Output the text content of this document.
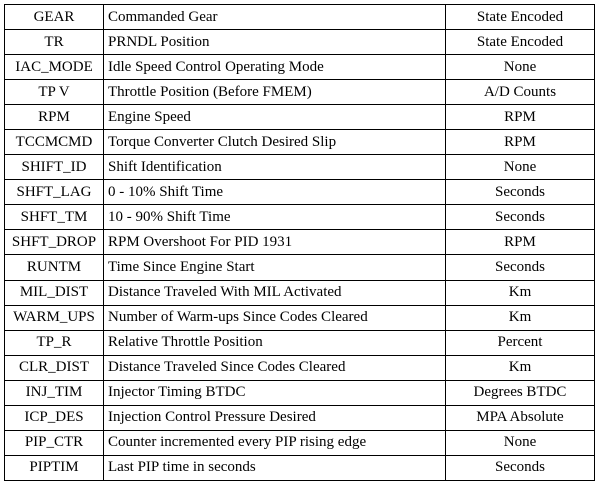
GEAR	Commanded Gear	State Encoded
TR	PRNDL Position	State Encoded
IAC_MODE	Idle Speed Control Operating Mode	None
TP V	Throttle Position (Before FMEM)	A/D Counts
RPM	Engine Speed	RPM
TCCMCMD	Torque Converter Clutch Desired Slip	RPM
SHIFT_ID	Shift Identification	None
SHFT_LAG	0 - 10% Shift Time	Seconds
SHFT_TM	10 - 90% Shift Time	Seconds
SHFT_DROP	RPM Overshoot For PID 1931	RPM
RUNTM	Time Since Engine Start	Seconds
MIL_DIST	Distance Traveled With MIL Activated	Km
WARM_UPS	Number of Warm-ups Since Codes Cleared	Km
TP_R	Relative Throttle Position	Percent
CLR_DIST	Distance Traveled Since Codes Cleared	Km
INJ_TIM	Injector Timing BTDC	Degrees BTDC
ICP_DES	Injection Control Pressure Desired	MPA Absolute
PIP_CTR	Counter incremented every PIP rising edge	None
PIPTIM	Last PIP time in seconds	Seconds
